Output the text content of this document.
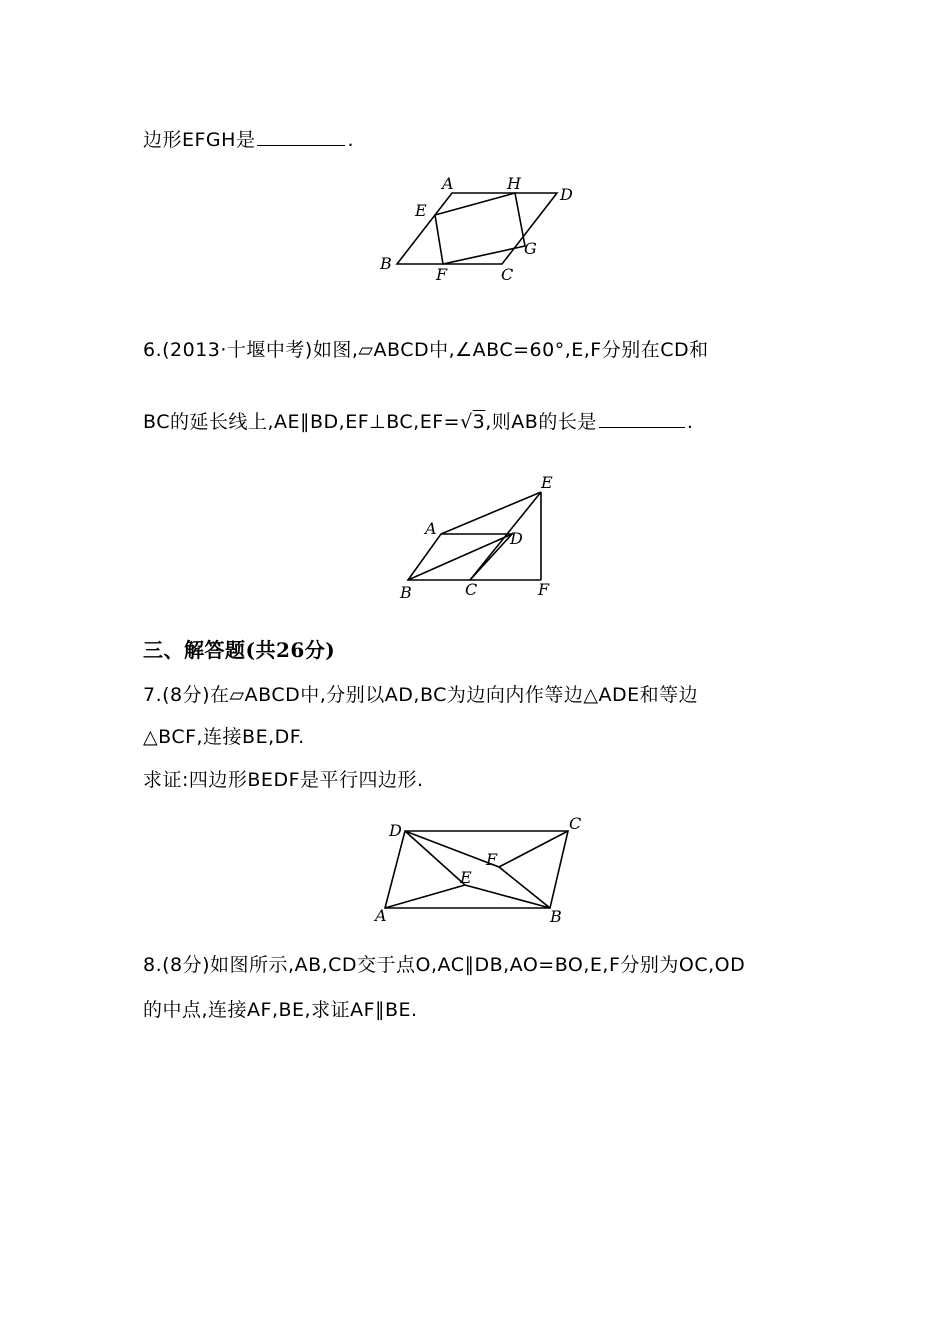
边形EFGH是	.
A	H
D
E
G
B
F	C
6.(2013·十堰中考)如图,▱ABCD中,∠ABC=60°,E,F分别在CD和
BC的延长线上,AE∥BD,EF⊥BC,EF=√3,则AB的长是	.
E
A
D
B	C	F
三、解答题(共26分)
7.(8分)在▱ABCD中,分别以AD,BC为边向内作等边△ADE和等边
△BCF,连接BE,DF.
求证:四边形BEDF是平行四边形.
D	C
F
E
A	B
8.(8分)如图所示,AB,CD交于点O,AC∥DB,AO=BO,E,F分别为OC,OD
的中点,连接AF,BE,求证AF∥BE.
